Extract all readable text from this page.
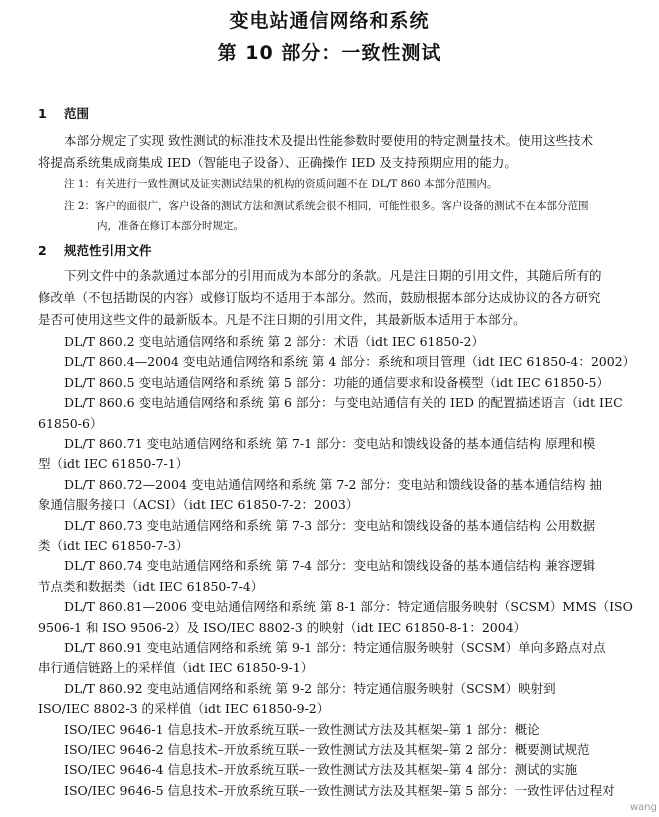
变电站通信网络和系统
第 10 部分：一致性测试
1 范围
本部分规定了实现 致性测试的标准技术及提出性能参数时要使用的特定测量技术。使用这些技术
将提高系统集成商集成 IED（智能电子设备）、正确操作 IED 及支持预期应用的能力。
注 1：有关进行一致性测试及证实测试结果的机构的资质问题不在 DL/T 860 本部分范围内。
注 2：客户的面很广，客户设备的测试方法和测试系统会很不相同，可能性很多。客户设备的测试不在本部分范围
内，准备在修订本部分时规定。
2 规范性引用文件
下列文件中的条款通过本部分的引用而成为本部分的条款。凡是注日期的引用文件，其随后所有的
修改单（不包括勘误的内容）或修订版均不适用于本部分。然而，鼓励根据本部分达成协议的各方研究
是否可使用这些文件的最新版本。凡是不注日期的引用文件，其最新版本适用于本部分。
DL/T 860.2 变电站通信网络和系统 第 2 部分：术语（idt IEC 61850-2）
DL/T 860.4—2004 变电站通信网络和系统 第 4 部分：系统和项目管理（idt IEC 61850-4：2002）
DL/T 860.5 变电站通信网络和系统 第 5 部分：功能的通信要求和设备模型（idt IEC 61850-5）
DL/T 860.6 变电站通信网络和系统 第 6 部分：与变电站通信有关的 IED 的配置描述语言（idt IEC
61850-6）
DL/T 860.71 变电站通信网络和系统 第 7-1 部分：变电站和馈线设备的基本通信结构 原理和模
型（idt IEC 61850-7-1）
DL/T 860.72—2004 变电站通信网络和系统 第 7-2 部分：变电站和馈线设备的基本通信结构 抽
象通信服务接口（ACSI）（idt IEC 61850-7-2：2003）
DL/T 860.73 变电站通信网络和系统 第 7-3 部分：变电站和馈线设备的基本通信结构 公用数据
类（idt IEC 61850-7-3）
DL/T 860.74 变电站通信网络和系统 第 7-4 部分：变电站和馈线设备的基本通信结构 兼容逻辑
节点类和数据类（idt IEC 61850-7-4）
DL/T 860.81—2006 变电站通信网络和系统 第 8-1 部分：特定通信服务映射（SCSM）MMS（ISO
9506-1 和 ISO 9506-2）及 ISO/IEC 8802-3 的映射（idt IEC 61850-8-1：2004）
DL/T 860.91 变电站通信网络和系统 第 9-1 部分：特定通信服务映射（SCSM）单向多路点对点
串行通信链路上的采样值（idt IEC 61850-9-1）
DL/T 860.92 变电站通信网络和系统 第 9-2 部分：特定通信服务映射（SCSM）映射到
ISO/IEC 8802-3 的采样值（idt IEC 61850-9-2）
ISO/IEC 9646-1 信息技术–开放系统互联–一致性测试方法及其框架–第 1 部分：概论
ISO/IEC 9646-2 信息技术–开放系统互联–一致性测试方法及其框架–第 2 部分：概要测试规范
ISO/IEC 9646-4 信息技术–开放系统互联–一致性测试方法及其框架–第 4 部分：测试的实施
ISO/IEC 9646-5 信息技术–开放系统互联–一致性测试方法及其框架–第 5 部分：一致性评估过程对
wang
